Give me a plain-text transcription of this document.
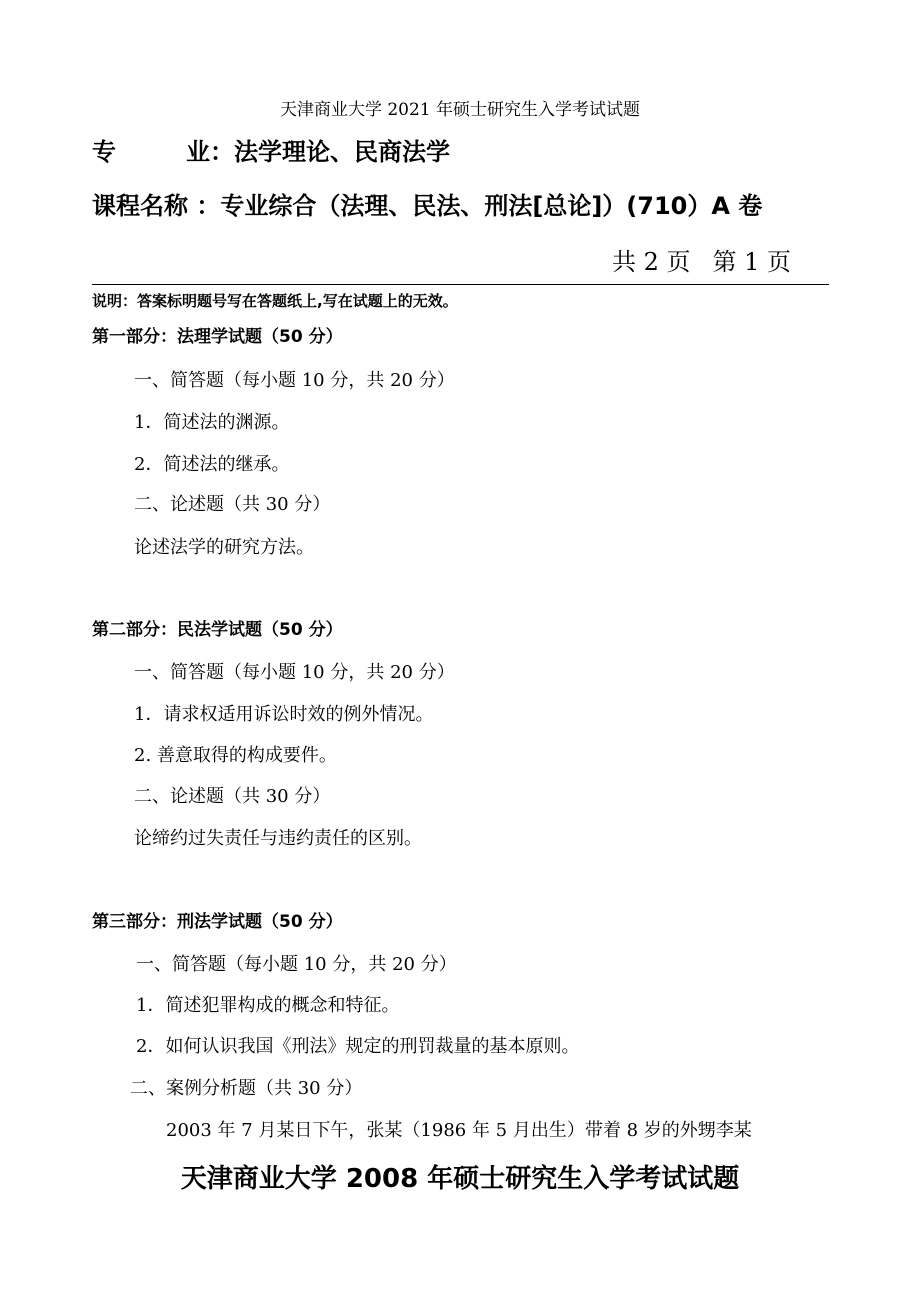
天津商业大学 2021 年硕士研究生入学考试试题
专	业：法学理论、民商法学
课程名称 ：专业综合（法理、民法、刑法[总论]）(710）A 卷
共 2 页 第 1 页
说明：答案标明题号写在答题纸上,写在试题上的无效。
第一部分：法理学试题（50 分）
一、简答题（每小题 10 分，共 20 分）
1．简述法的渊源。
2．简述法的继承。
二、论述题（共 30 分）
论述法学的研究方法。
第二部分：民法学试题（50 分）
一、简答题（每小题 10 分，共 20 分）
1．请求权适用诉讼时效的例外情况。
2. 善意取得的构成要件。
二、论述题（共 30 分）
论缔约过失责任与违约责任的区别。
第三部分：刑法学试题（50 分）
一、简答题（每小题 10 分，共 20 分）
1．简述犯罪构成的概念和特征。
2．如何认识我国《刑法》规定的刑罚裁量的基本原则。
二、案例分析题（共 30 分）
2003 年 7 月某日下午，张某（1986 年 5 月出生）带着 8 岁的外甥李某
天津商业大学 2008 年硕士研究生入学考试试题
